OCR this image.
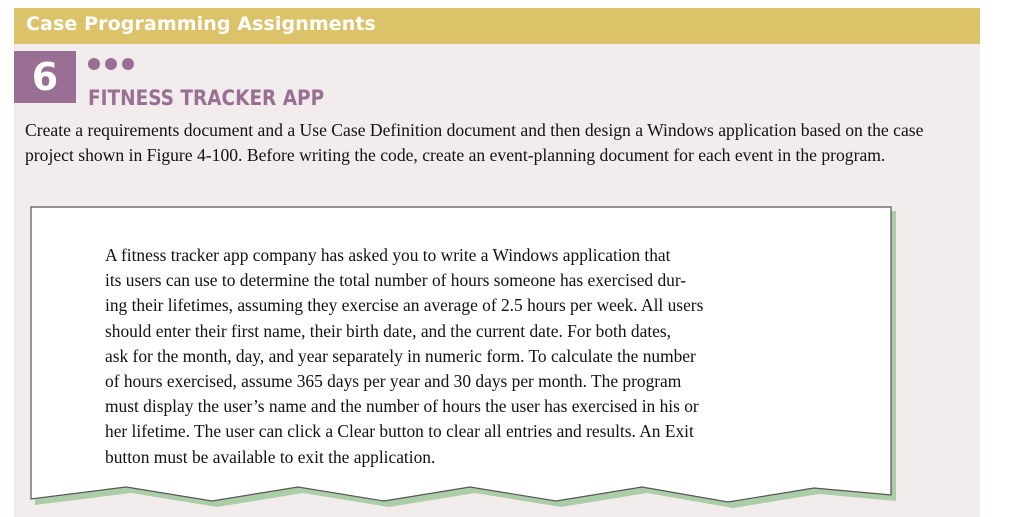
Case Programming Assignments
6	FITNESS TRACKER APP

Create a requirements document and a Use Case Definition document and then design a Windows application based on the case project shown in Figure 4-100. Before writing the code, create an event-planning document for each event in the program.

A fitness tracker app company has asked you to write a Windows application that
its users can use to determine the total number of hours someone has exercised dur-
ing their lifetimes, assuming they exercise an average of 2.5 hours per week. All users
should enter their first name, their birth date, and the current date. For both dates,
ask for the month, day, and year separately in numeric form. To calculate the number
of hours exercised, assume 365 days per year and 30 days per month. The program
must display the user’s name and the number of hours the user has exercised in his or
her lifetime. The user can click a Clear button to clear all entries and results. An Exit
button must be available to exit the application.
